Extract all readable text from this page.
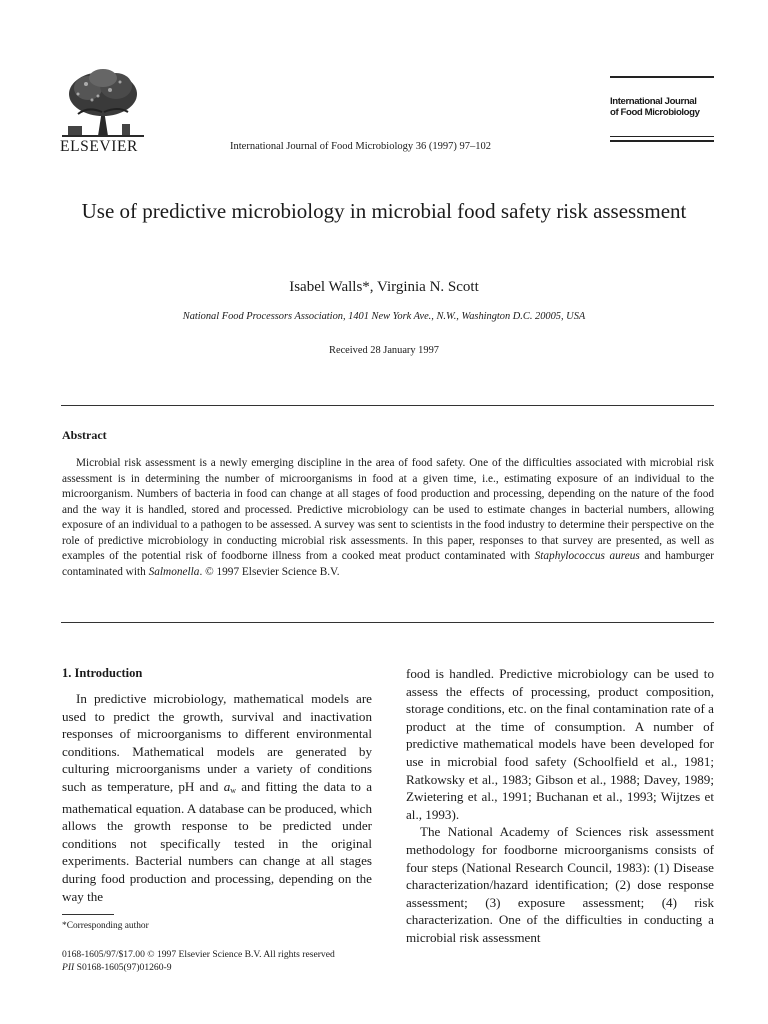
ELSEVIER	International Journal of Food Microbiology 36 (1997) 97–102
International Journal
of Food Microbiology
Use of predictive microbiology in microbial food safety risk assessment
Isabel Walls*, Virginia N. Scott
National Food Processors Association, 1401 New York Ave., N.W., Washington D.C. 20005, USA
Received 28 January 1997
Abstract
Microbial risk assessment is a newly emerging discipline in the area of food safety. One of the difficulties associated with microbial risk assessment is in determining the number of microorganisms in food at a given time, i.e., estimating exposure of an individual to the microorganism. Numbers of bacteria in food can change at all stages of food production and processing, depending on the nature of the food and the way it is handled, stored and processed. Predictive microbiology can be used to estimate changes in bacterial numbers, allowing exposure of an individual to a pathogen to be assessed. A survey was sent to scientists in the food industry to determine their perspective on the role of predictive microbiology in conducting microbial risk assessments. In this paper, responses to that survey are presented, as well as examples of the potential risk of foodborne illness from a cooked meat product contaminated with Staphylococcus aureus and hamburger contaminated with Salmonella. © 1997 Elsevier Science B.V.
1. Introduction
In predictive microbiology, mathematical models are used to predict the growth, survival and inactivation responses of microorganisms to different environmental conditions. Mathematical models are generated by culturing microorganisms under a variety of conditions such as temperature, pH and $a_w$ and fitting the data to a mathematical equation. A database can be produced, which allows the growth response to be predicted under conditions not specifically tested in the original experiments. Bacterial numbers can change at all stages during food production and processing, depending on the way the

food is handled. Predictive microbiology can be used to assess the effects of processing, product composition, storage conditions, etc. on the final contamination rate of a product at the time of consumption. A number of predictive mathematical models have been developed for use in microbial food safety (Schoolfield et al., 1981; Ratkowsky et al., 1983; Gibson et al., 1988; Davey, 1989; Zwietering et al., 1991; Buchanan et al., 1993; Wijtzes et al., 1993).

The National Academy of Sciences risk assessment methodology for foodborne microorganisms consists of four steps (National Research Council, 1983): (1) Disease characterization/hazard identification; (2) dose response assessment; (3) exposure assessment; (4) risk characterization. One of the difficulties in conducting a microbial risk assessment

*Corresponding author
0168-1605/97/$17.00 © 1997 Elsevier Science B.V. All rights reserved
PII S0168-1605(97)01260-9
